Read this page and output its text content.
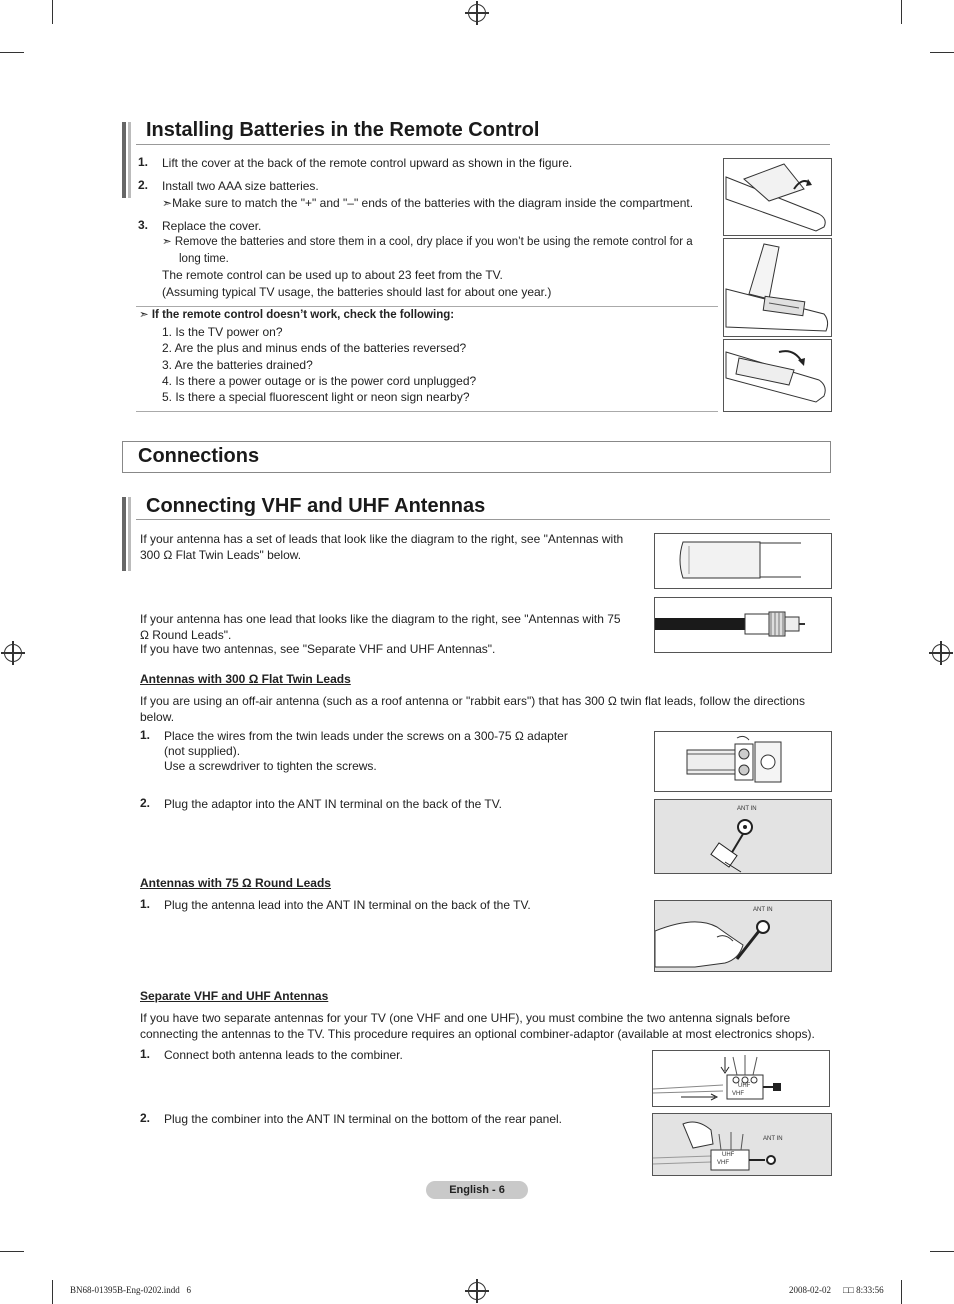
Installing Batteries in the Remote Control
1. Lift the cover at the back of the remote control upward as shown in the figure.
2. Install two AAA size batteries.
➣Make sure to match the "+" and "–" ends of the batteries with the diagram inside the compartment.
3. Replace the cover.
➣ Remove the batteries and store them in a cool, dry place if you won’t be using the remote control for a
long time.
The remote control can be used up to about 23 feet from the TV.
(Assuming typical TV usage, the batteries should last for about one year.)
➣ If the remote control doesn’t work, check the following:
1. Is the TV power on?
2. Are the plus and minus ends of the batteries reversed?
3. Are the batteries drained?
4. Is there a power outage or is the power cord unplugged?
5. Is there a special fluorescent light or neon sign nearby?
Connections
Connecting VHF and UHF Antennas
If your antenna has a set of leads that look like the diagram to the right, see "Antennas with 300 Ω Flat Twin Leads" below.
If your antenna has one lead that looks like the diagram to the right, see "Antennas with 75 Ω Round Leads".
If you have two antennas, see "Separate VHF and UHF Antennas".
Antennas with 300 Ω Flat Twin Leads
If you are using an off-air antenna (such as a roof antenna or "rabbit ears") that has 300 Ω twin flat leads, follow the directions below.
1. Place the wires from the twin leads under the screws on a 300-75 Ω adapter
(not supplied).
Use a screwdriver to tighten the screws.
2. Plug the adaptor into the ANT IN terminal on the back of the TV.	ANT IN
Antennas with 75 Ω Round Leads
1. Plug the antenna lead into the ANT IN terminal on the back of the TV.	ANT IN
Separate VHF and UHF Antennas
If you have two separate antennas for your TV (one VHF and one UHF), you must combine the two antenna signals before connecting the antennas to the TV. This procedure requires an optional combiner-adaptor (available at most electronics shops).
1. Connect both antenna leads to the combiner.
UHF
VHF
2. Plug the combiner into the ANT IN terminal on the bottom of the rear panel.
ANT IN
UHF
VHF
English - 6
BN68-01395B-Eng-0202.indd   6	2008-02-02 □□ 8:33:56
